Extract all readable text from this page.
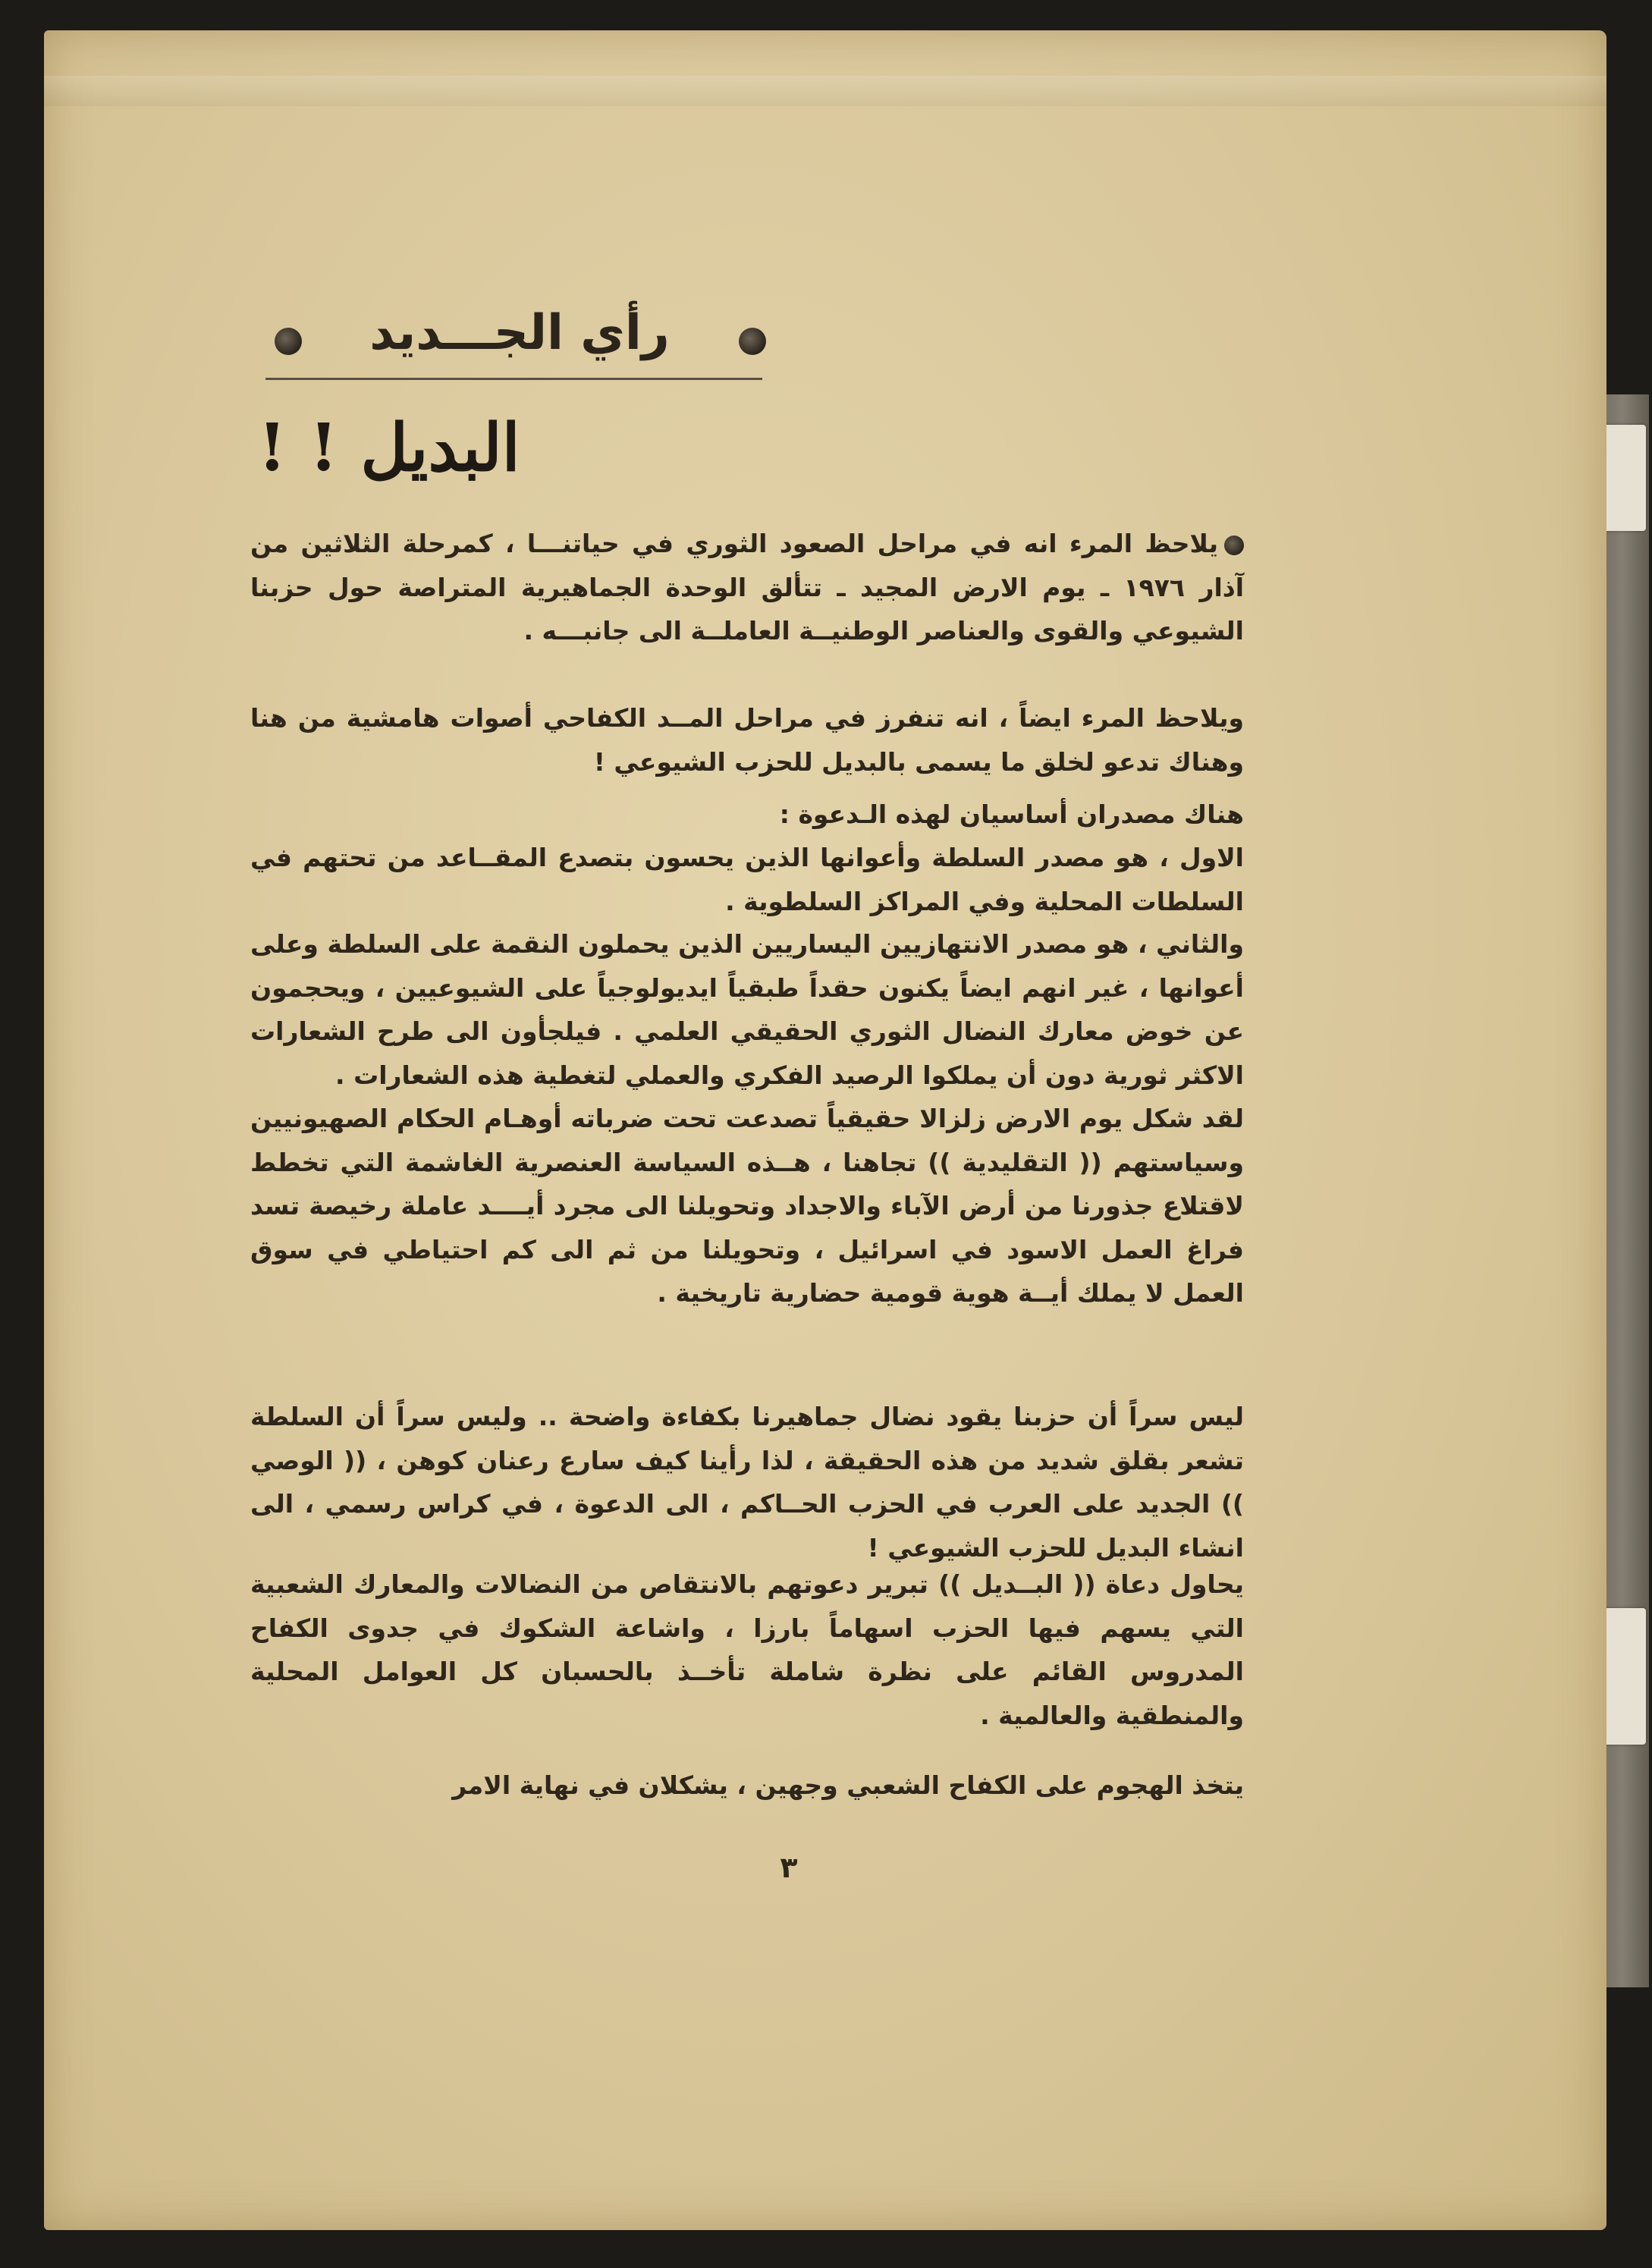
رأي الجـــديد
البديل ! !

يلاحظ المرء انه في مراحل الصعود الثوري في حياتنـــا ، كمرحلة الثلاثين من آذار ١٩٧٦ ـ يوم الارض المجيد ـ تتألق الوحدة الجماهيرية المتراصة حول حزبنا الشيوعي والقوى والعناصر الوطنيــة العاملــة الى جانبـــه .

ويلاحظ المرء ايضاً ، انه تنفرز في مراحل المــد الكفاحي أصوات هامشية من هنا وهناك تدعو لخلق ما يسمى بالبديل للحزب الشيوعي !

هناك مصدران أساسيان لهذه الـدعوة :

الاول ، هو مصدر السلطة وأعوانها الذين يحسون بتصدع المقــاعد من تحتهم في السلطات المحلية وفي المراكز السلطوية .

والثاني ، هو مصدر الانتهازيين اليساريين الذين يحملون النقمة على السلطة وعلى أعوانها ، غير انهم ايضاً يكنون حقداً طبقياً ايديولوجياً على الشيوعيين ، ويحجمون عن خوض معارك النضال الثوري الحقيقي العلمي . فيلجأون الى طرح الشعارات الاكثر ثورية دون أن يملكوا الرصيد الفكري والعملي لتغطية هذه الشعارات .

لقد شكل يوم الارض زلزالا حقيقياً تصدعت تحت ضرباته أوهـام الحكام الصهيونيين وسياستهم (( التقليدية )) تجاهنا ، هــذه السياسة العنصرية الغاشمة التي تخطط لاقتلاع جذورنا من أرض الآباء والاجداد وتحويلنا الى مجرد أيــــد عاملة رخيصة تسد فراغ العمل الاسود في اسرائيل ، وتحويلنا من ثم الى كم احتياطي في سوق العمل لا يملك أيــة هوية قومية حضارية تاريخية .

ليس سراً أن حزبنا يقود نضال جماهيرنا بكفاءة واضحة .. وليس سراً أن السلطة تشعر بقلق شديد من هذه الحقيقة ، لذا رأينا كيف سارع رعنان كوهن ، (( الوصي )) الجديد على العرب في الحزب الحــاكم ، الى الدعوة ، في كراس رسمي ، الى انشاء البديل للحزب الشيوعي !

يحاول دعاة (( البــديل )) تبرير دعوتهم بالانتقاص من النضالات والمعارك الشعبية التي يسهم فيها الحزب اسهاماً بارزا ، واشاعة الشكوك في جدوى الكفاح المدروس القائم على نظرة شاملة تأخــذ بالحسبان كل العوامل المحلية والمنطقية والعالمية .

يتخذ الهجوم على الكفاح الشعبي وجهين ، يشكلان في نهاية الامر

٣
